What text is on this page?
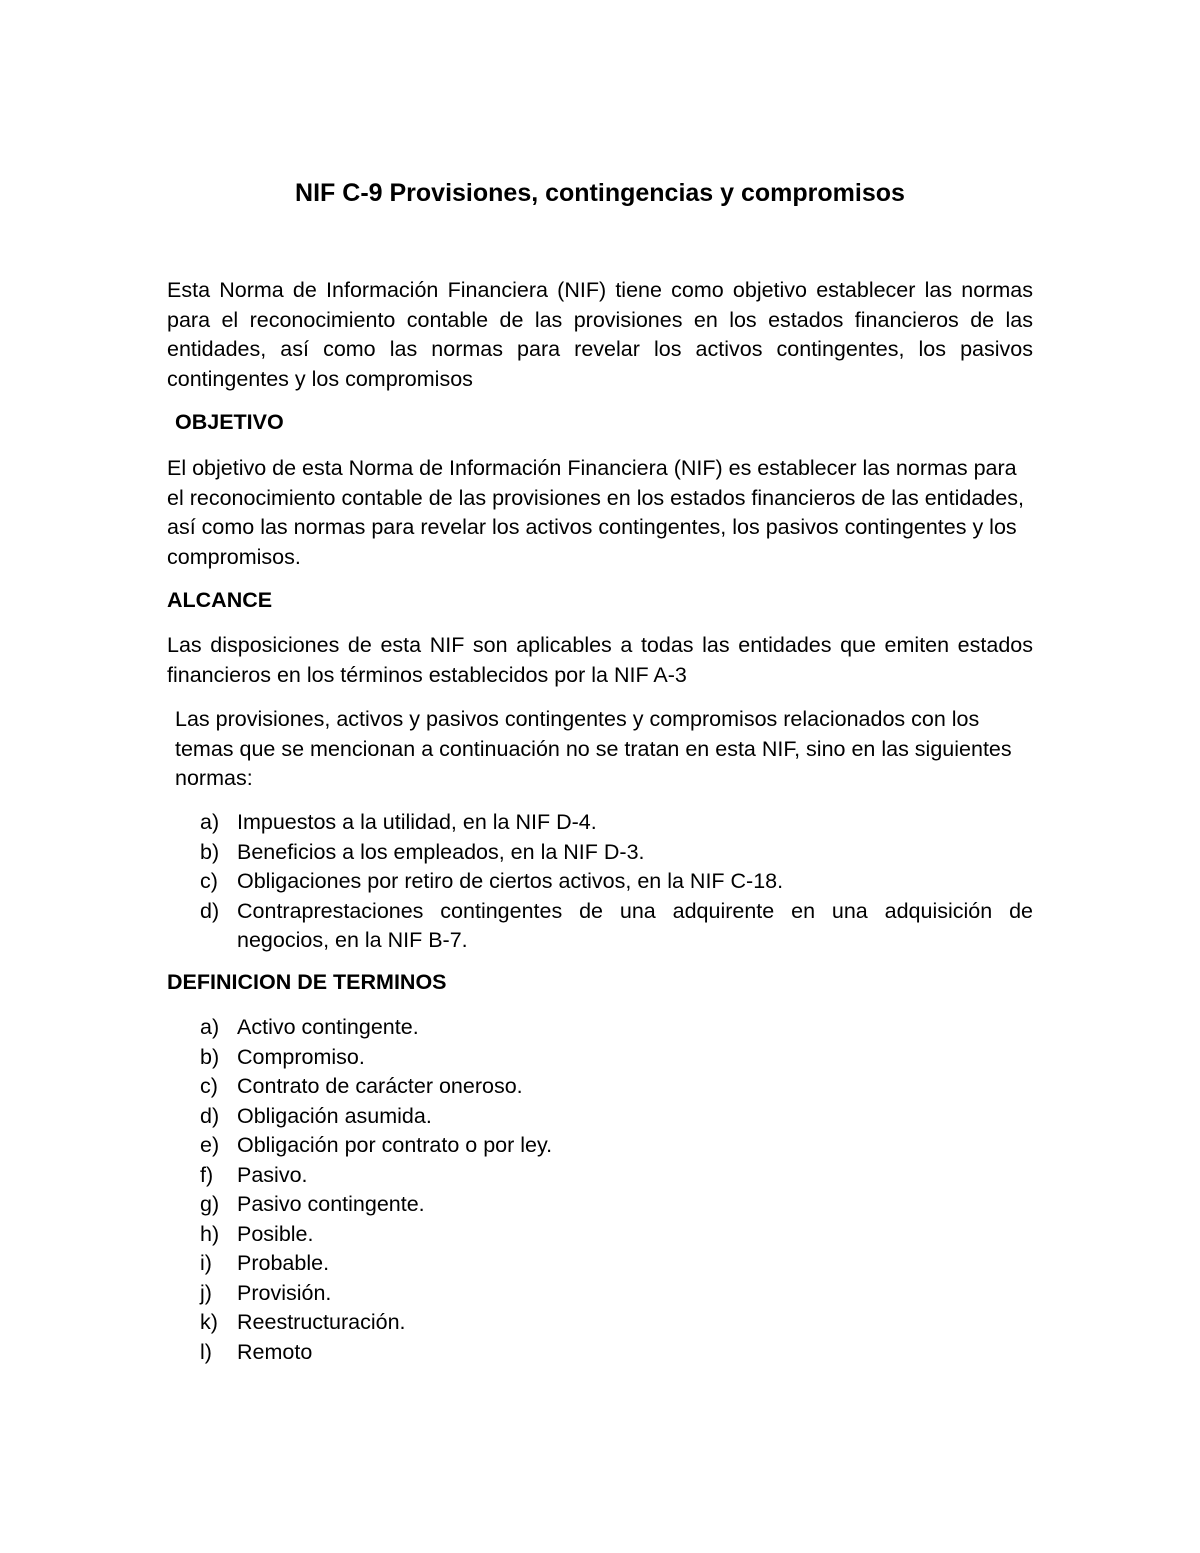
NIF C-9 Provisiones, contingencias y compromisos

Esta Norma de Información Financiera (NIF) tiene como objetivo establecer las normas para el reconocimiento contable de las provisiones en los estados financieros de las entidades, así como las normas para revelar los activos contingentes, los pasivos contingentes y los compromisos

OBJETIVO

El objetivo de esta Norma de Información Financiera (NIF) es establecer las normas para el reconocimiento contable de las provisiones en los estados financieros de las entidades, así como las normas para revelar los activos contingentes, los pasivos contingentes y los compromisos.

ALCANCE

Las disposiciones de esta NIF son aplicables a todas las entidades que emiten estados financieros en los términos establecidos por la NIF A-3

Las provisiones, activos y pasivos contingentes y compromisos relacionados con los temas que se mencionan a continuación no se tratan en esta NIF, sino en las siguientes normas:

a) Impuestos a la utilidad, en la NIF D-4.
b) Beneficios a los empleados, en la NIF D-3.
c) Obligaciones por retiro de ciertos activos, en la NIF C-18.
d) Contraprestaciones contingentes de una adquirente en una adquisición de negocios, en la NIF B-7.
DEFINICION DE TERMINOS
a) Activo contingente.
b) Compromiso.
c) Contrato de carácter oneroso.
d) Obligación asumida.
e) Obligación por contrato o por ley.
f)	Pasivo.
g) Pasivo contingente.
h) Posible.
i)	Probable.
j)	Provisión.
k) Reestructuración.
l)	Remoto
